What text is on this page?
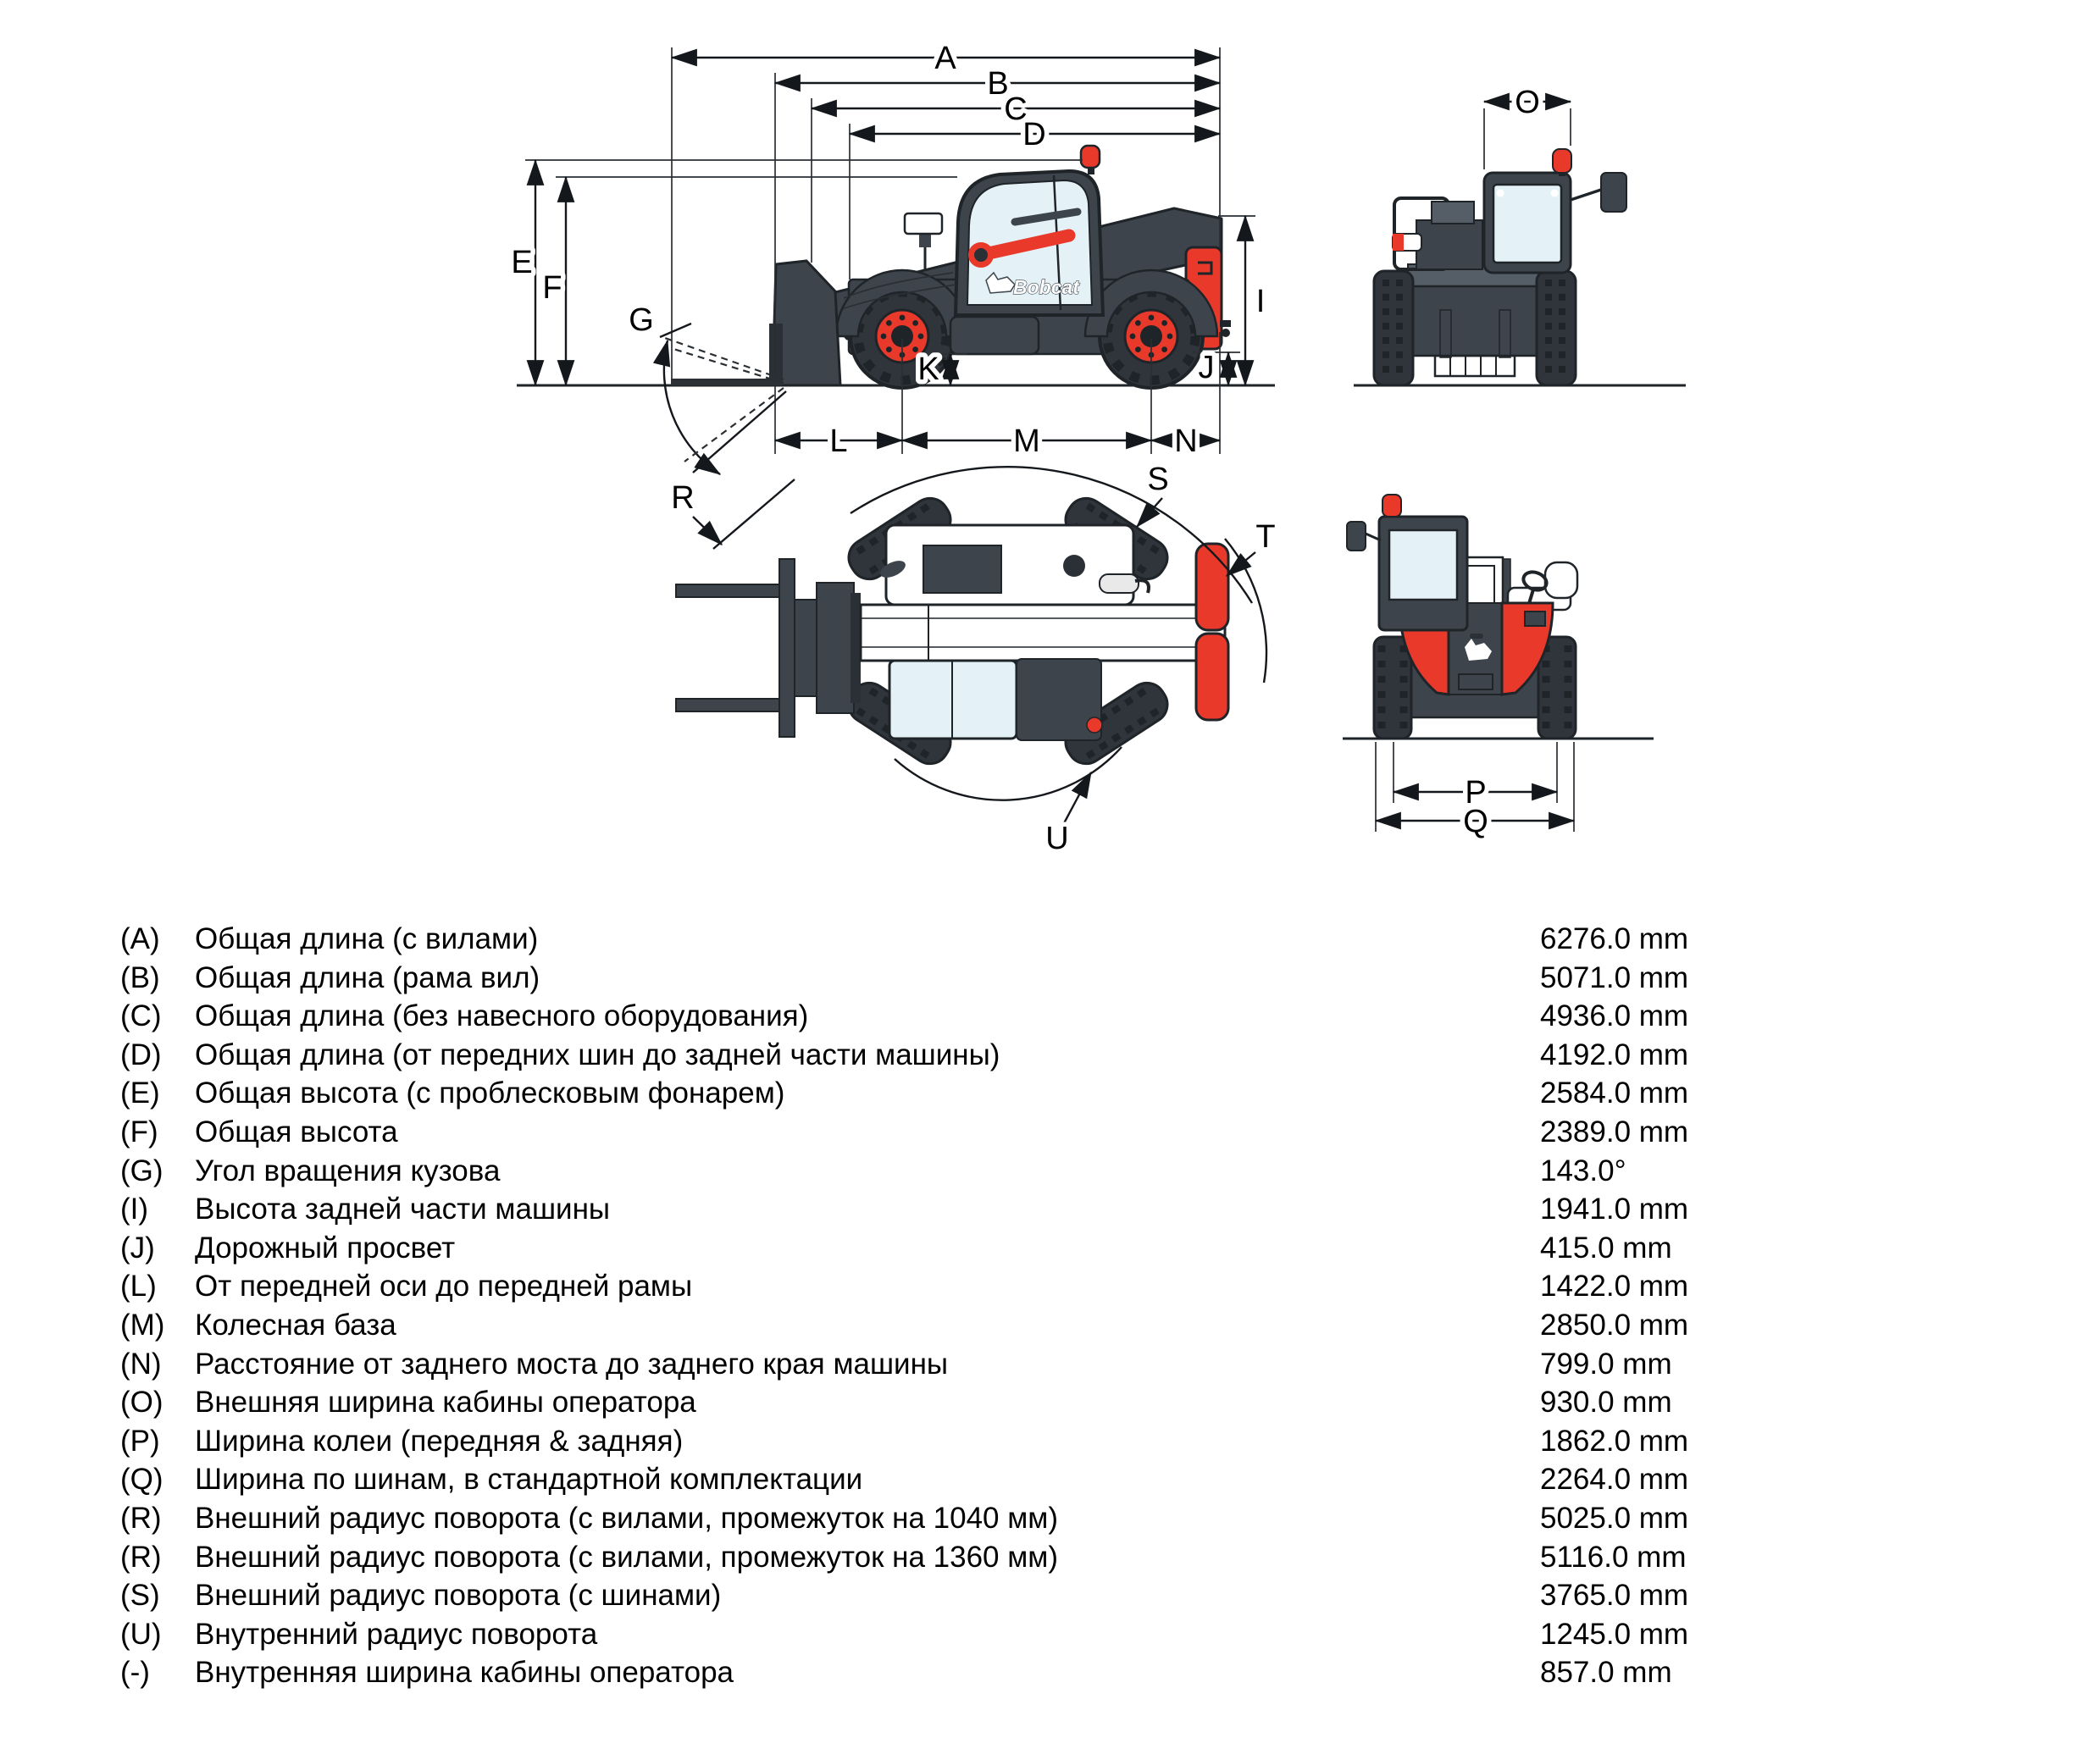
Bobcat
A
B
C
D
E
F	I
J
K
L	M	N
G
O
R
S
T
U
P
Q
(A) Общая длина (с вилами)	6276.0 mm
(B) Общая длина (рама вил)	5071.0 mm
(C) Общая длина (без навесного оборудования)	4936.0 mm
(D) Общая длина (от передних шин до задней части машины)	4192.0 mm
(E) Общая высота (с проблесковым фонарем)	2584.0 mm
(F) Общая высота	2389.0 mm
(G) Угол вращения кузова	143.0°
(I) Высота задней части машины	1941.0 mm
(J) Дорожный просвет	415.0 mm
(L) От передней оси до передней рамы	1422.0 mm
(M) Колесная база	2850.0 mm
(N) Расстояние от заднего моста до заднего края машины	799.0 mm
(O) Внешняя ширина кабины оператора	930.0 mm
(P) Ширина колеи (передняя & задняя)	1862.0 mm
(Q) Ширина по шинам, в стандартной комплектации	2264.0 mm
(R) Внешний радиус поворота (с вилами, промежуток на 1040 мм)	5025.0 mm
(R) Внешний радиус поворота (с вилами, промежуток на 1360 мм)	5116.0 mm
(S) Внешний радиус поворота (с шинами)	3765.0 mm
(U) Внутренний радиус поворота	1245.0 mm
(-) Внутренняя ширина кабины оператора	857.0 mm
